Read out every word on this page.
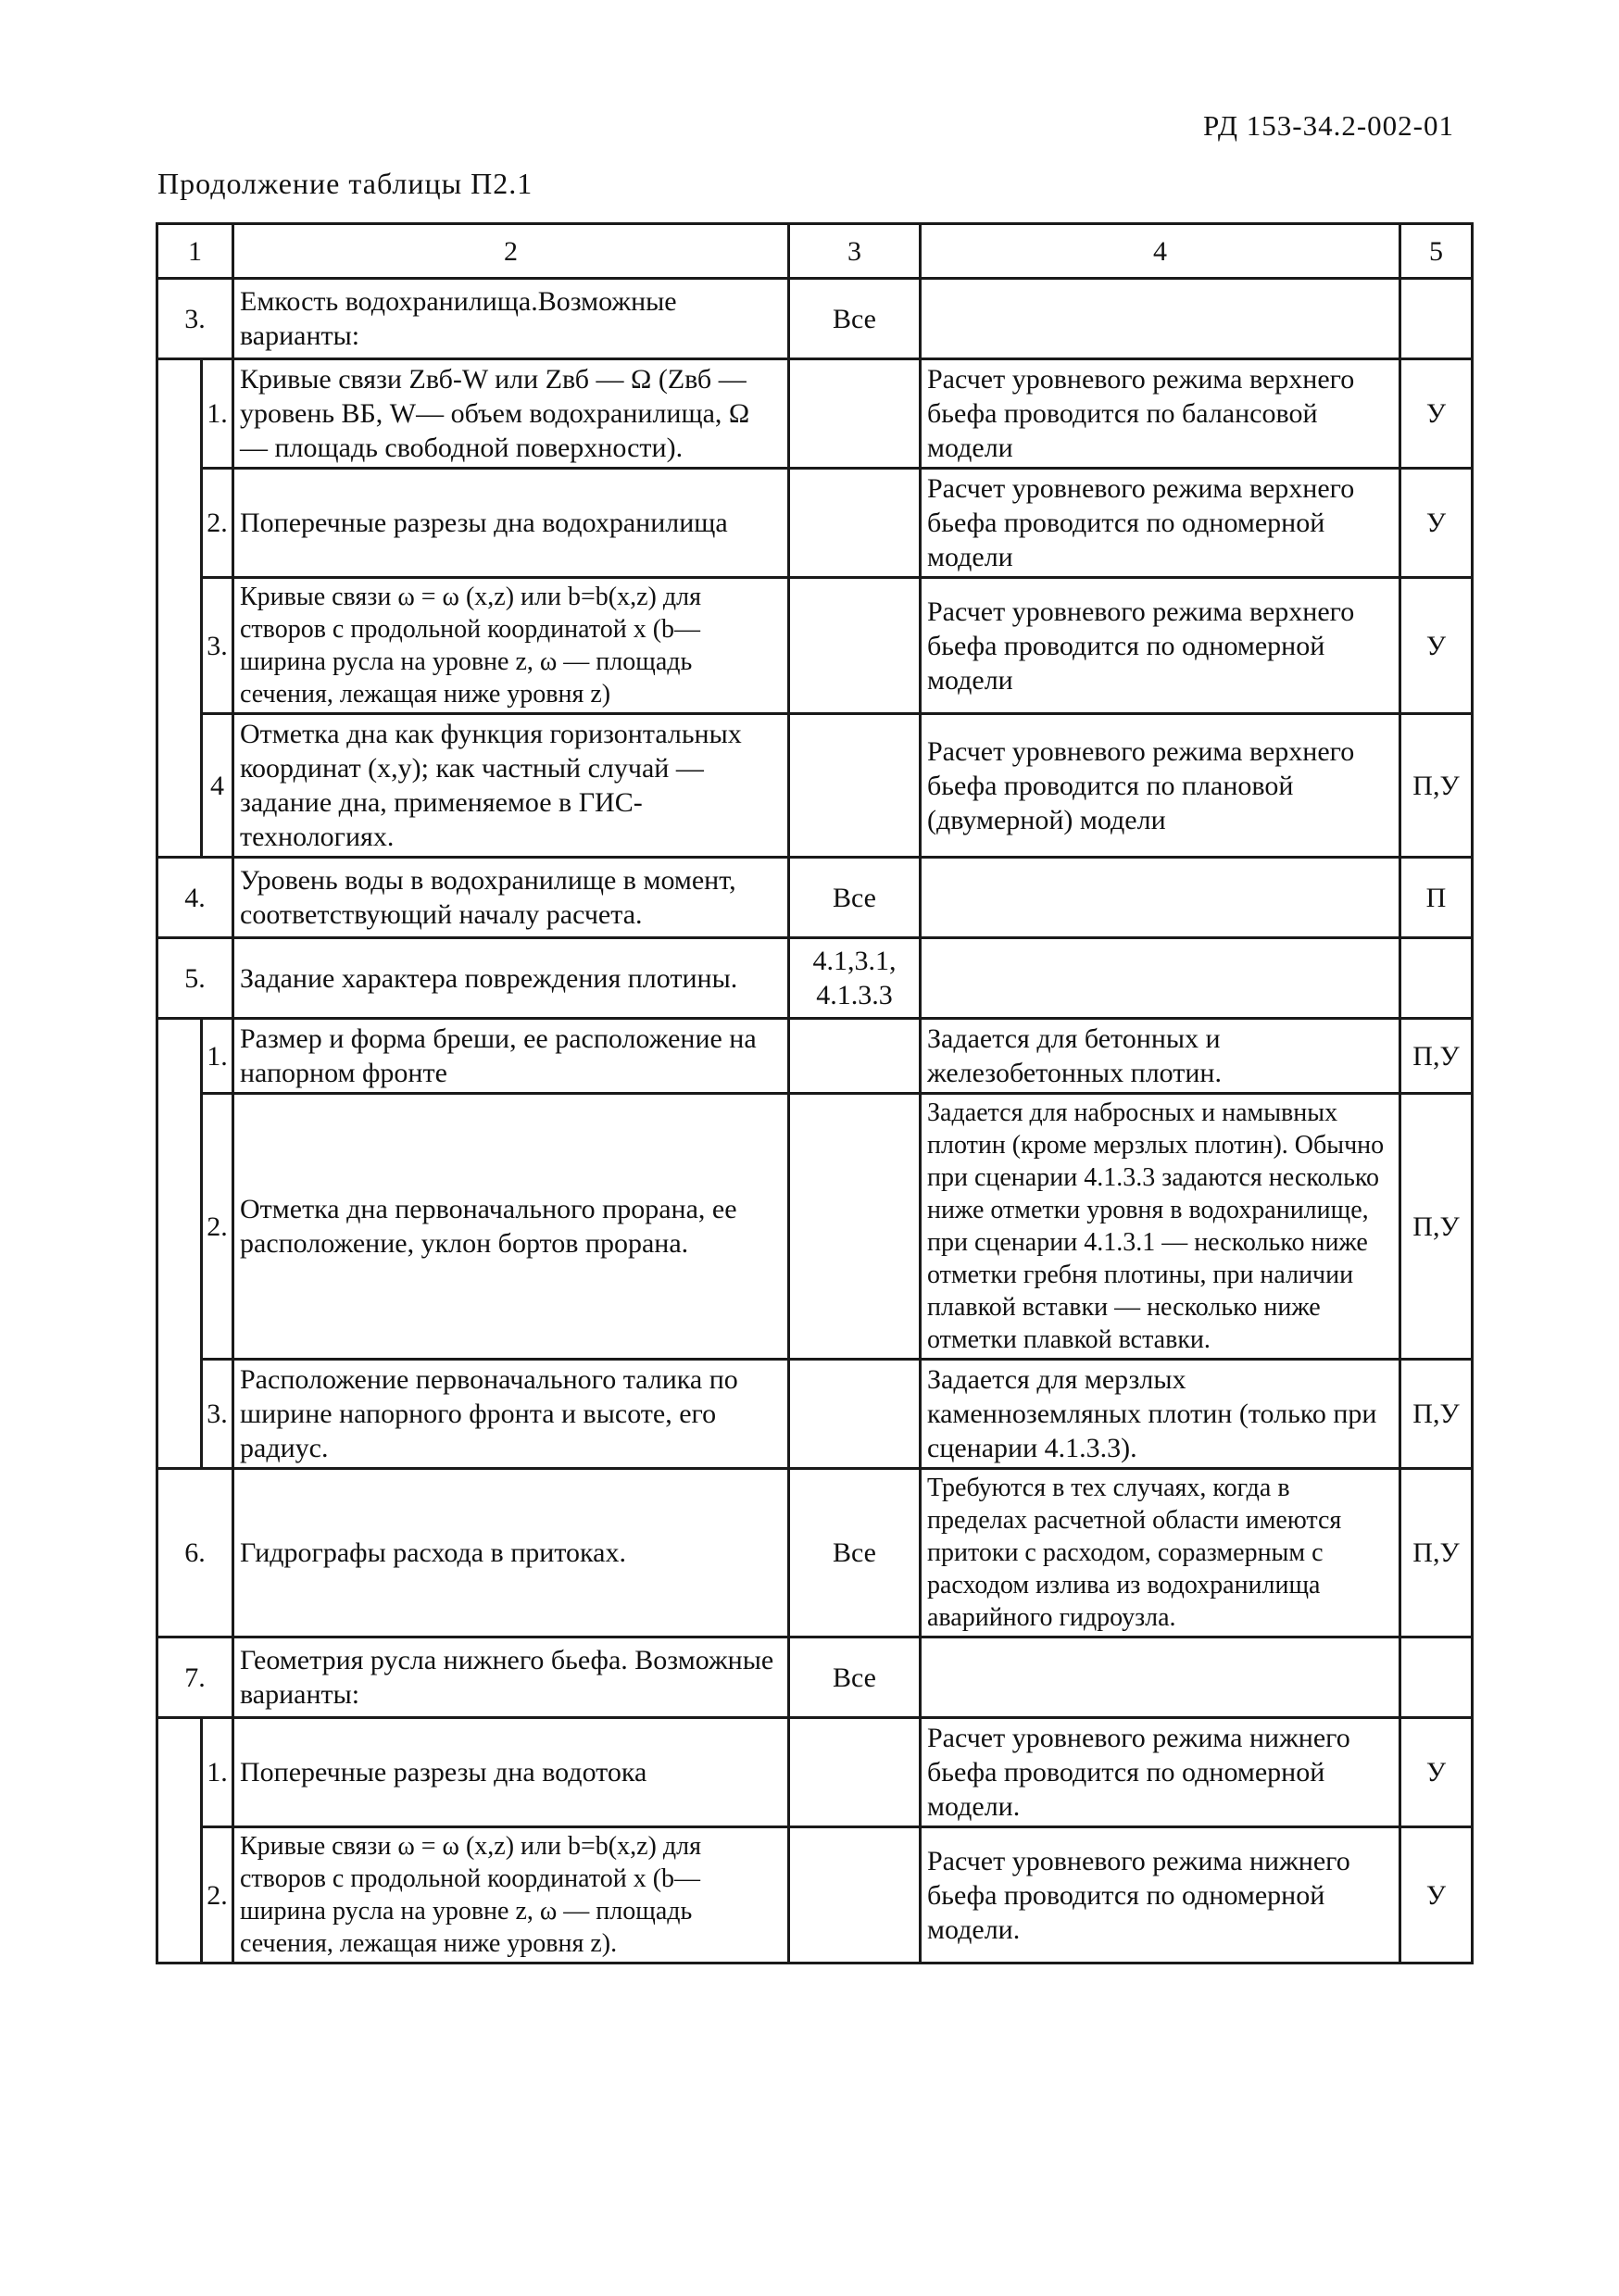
РД 153-34.2-002-01
Продолжение таблицы П2.1
1		2	3	4	5
3.		Емкость водохранилища.Возможные варианты:	Все		
	1.	Кривые связи Zвб-W или Zвб — Ω (Zвб — уровень ВБ, W— объем водохранилища, Ω — площадь свободной поверхности).		Расчет уровневого режима верхнего бьефа проводится по балансовой модели	У
	2.	Поперечные разрезы дна водохранилища		Расчет уровневого режима верхнего бьефа проводится по одномерной модели	У
	3.	Кривые связи ω = ω (x,z) или b=b(x,z) для створов с продольной координатой x (b—ширина русла на уровне z, ω — площадь сечения, лежащая ниже уровня z)		Расчет уровневого режима верхнего бьефа проводится по одномерной модели	У
	4	Отметка дна как функция горизонтальных координат (x,y); как частный случай — задание дна, применяемое в ГИС-технологиях.		Расчет уровневого режима верхнего бьефа проводится по плановой (двумерной) модели	П,У
4.		Уровень воды в водохранилище в момент, соответствующий началу расчета.	Все		П
5.		Задание характера повреждения плотины.	4.1,3.1, 4.1.3.3		
	1.	Размер и форма бреши, ее расположение на напорном фронте		Задается для бетонных и железобетонных плотин.	П,У
	2.	Отметка дна первоначального прорана, ее расположение, уклон бортов прорана.		Задается для набросных и намывных плотин (кроме мерзлых плотин). Обычно при сценарии 4.1.3.3 задаются несколько ниже отметки уровня в водохранилище, при сценарии 4.1.3.1 — несколько ниже отметки гребня плотины, при наличии плавкой вставки — несколько ниже отметки плавкой вставки.	П,У
	3.	Расположение первоначального талика по ширине напорного фронта и высоте, его радиус.		Задается для мерзлых каменноземляных плотин (только при сценарии 4.1.3.3).	П,У
6.		Гидрографы расхода в притоках.	Все	Требуются в тех случаях, когда в пределах расчетной области имеются притоки с расходом, соразмерным с расходом излива из водохранилища аварийного гидроузла.	П,У
7.		Геометрия русла нижнего бьефа. Возможные варианты:	Все		
	1.	Поперечные разрезы дна водотока		Расчет уровневого режима нижнего бьефа проводится по одномерной модели.	У
	2.	Кривые связи ω = ω (x,z) или b=b(x,z) для створов с продольной координатой x (b—ширина русла на уровне z, ω — площадь сечения, лежащая ниже уровня z).		Расчет уровневого режима нижнего бьефа проводится по одномерной модели.	У
